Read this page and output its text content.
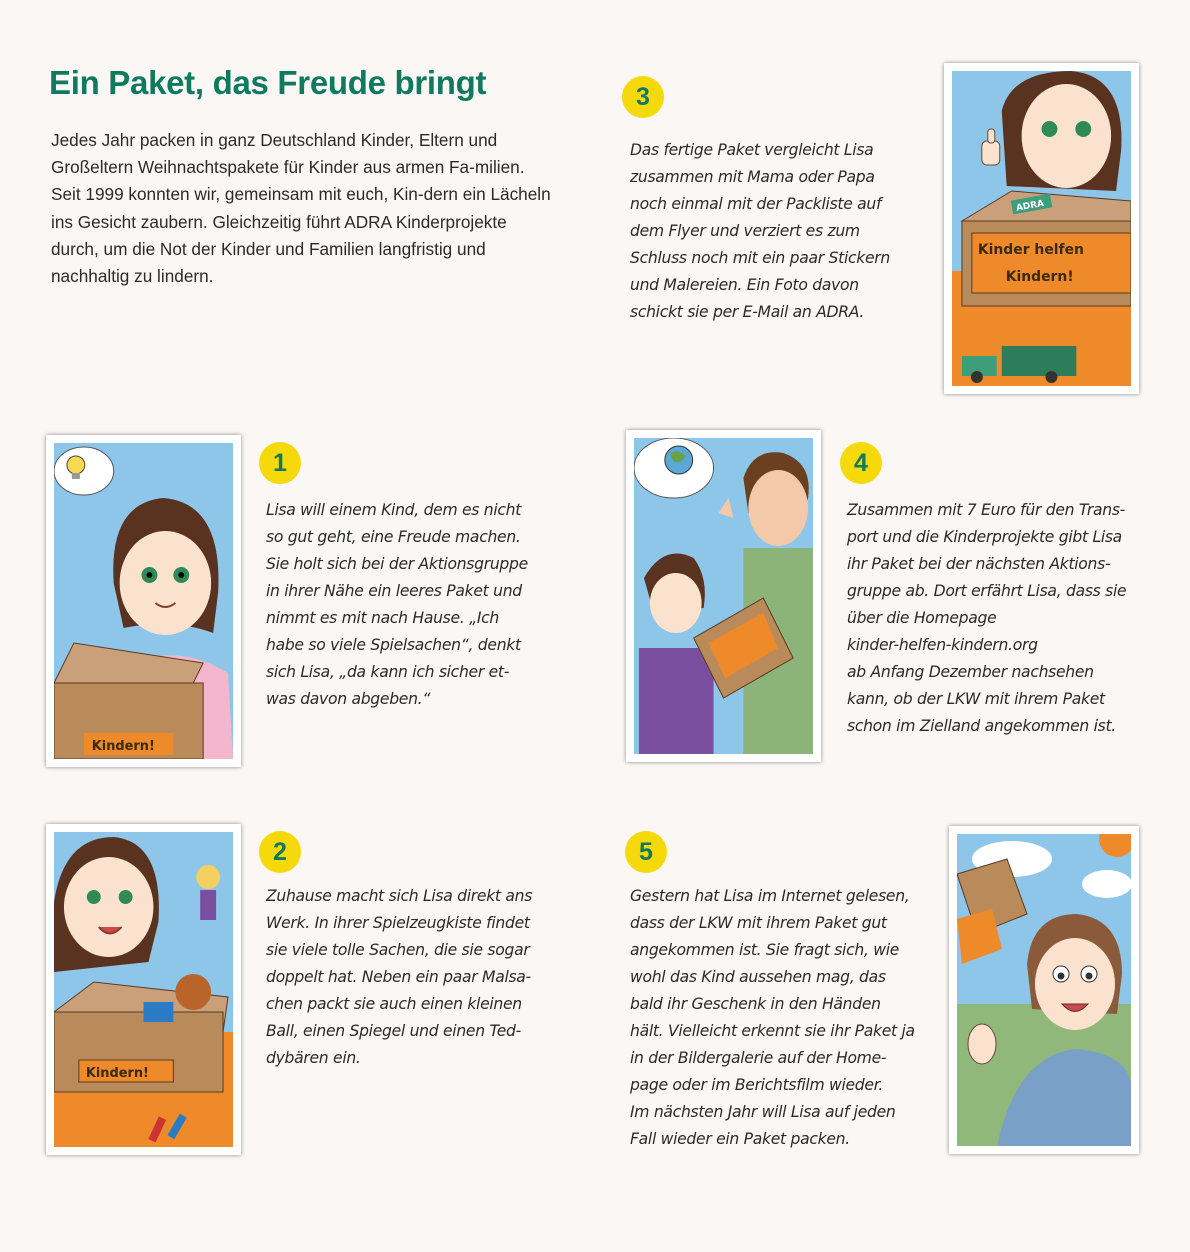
Ein Paket, das Freude bringt

Jedes Jahr packen in ganz Deutschland Kinder, Eltern und Großeltern Weihnachtspakete für Kinder aus armen Fa-milien. Seit 1999 konnten wir, gemeinsam mit euch, Kin-dern ein Lächeln ins Gesicht zaubern. Gleichzeitig führt ADRA Kinderprojekte durch, um die Not der Kinder und Familien langfristig und nachhaltig zu lindern.

Kindern!
1

Lisa will einem Kind, dem es nicht
so gut geht, eine Freude machen.
Sie holt sich bei der Aktionsgruppe
in ihrer Nähe ein leeres Paket und
nimmt es mit nach Hause. „Ich
habe so viele Spielsachen“, denkt
sich Lisa, „da kann ich sicher et-
was davon abgeben.“

Kindern!
2

Zuhause macht sich Lisa direkt ans
Werk. In ihrer Spielzeugkiste findet
sie viele tolle Sachen, die sie sogar
doppelt hat. Neben ein paar Malsa-
chen packt sie auch einen kleinen
Ball, einen Spiegel und einen Ted-
dybären ein.

3

Das fertige Paket vergleicht Lisa
zusammen mit Mama oder Papa
noch einmal mit der Packliste auf
dem Flyer und verziert es zum
Schluss noch mit ein paar Stickern
und Malereien. Ein Foto davon
schickt sie per E-Mail an ADRA.

ADRA
Kinder helfen
Kindern!
4

Zusammen mit 7 Euro für den Trans-
port und die Kinderprojekte gibt Lisa
ihr Paket bei der nächsten Aktions-
gruppe ab. Dort erfährt Lisa, dass sie
über die Homepage
kinder-helfen-kindern.org
ab Anfang Dezember nachsehen
kann, ob der LKW mit ihrem Paket
schon im Zielland angekommen ist.

5

Gestern hat Lisa im Internet gelesen,
dass der LKW mit ihrem Paket gut
angekommen ist. Sie fragt sich, wie
wohl das Kind aussehen mag, das
bald ihr Geschenk in den Händen
hält. Vielleicht erkennt sie ihr Paket ja
in der Bildergalerie auf der Home-
page oder im Berichtsfilm wieder.
Im nächsten Jahr will Lisa auf jeden
Fall wieder ein Paket packen.
